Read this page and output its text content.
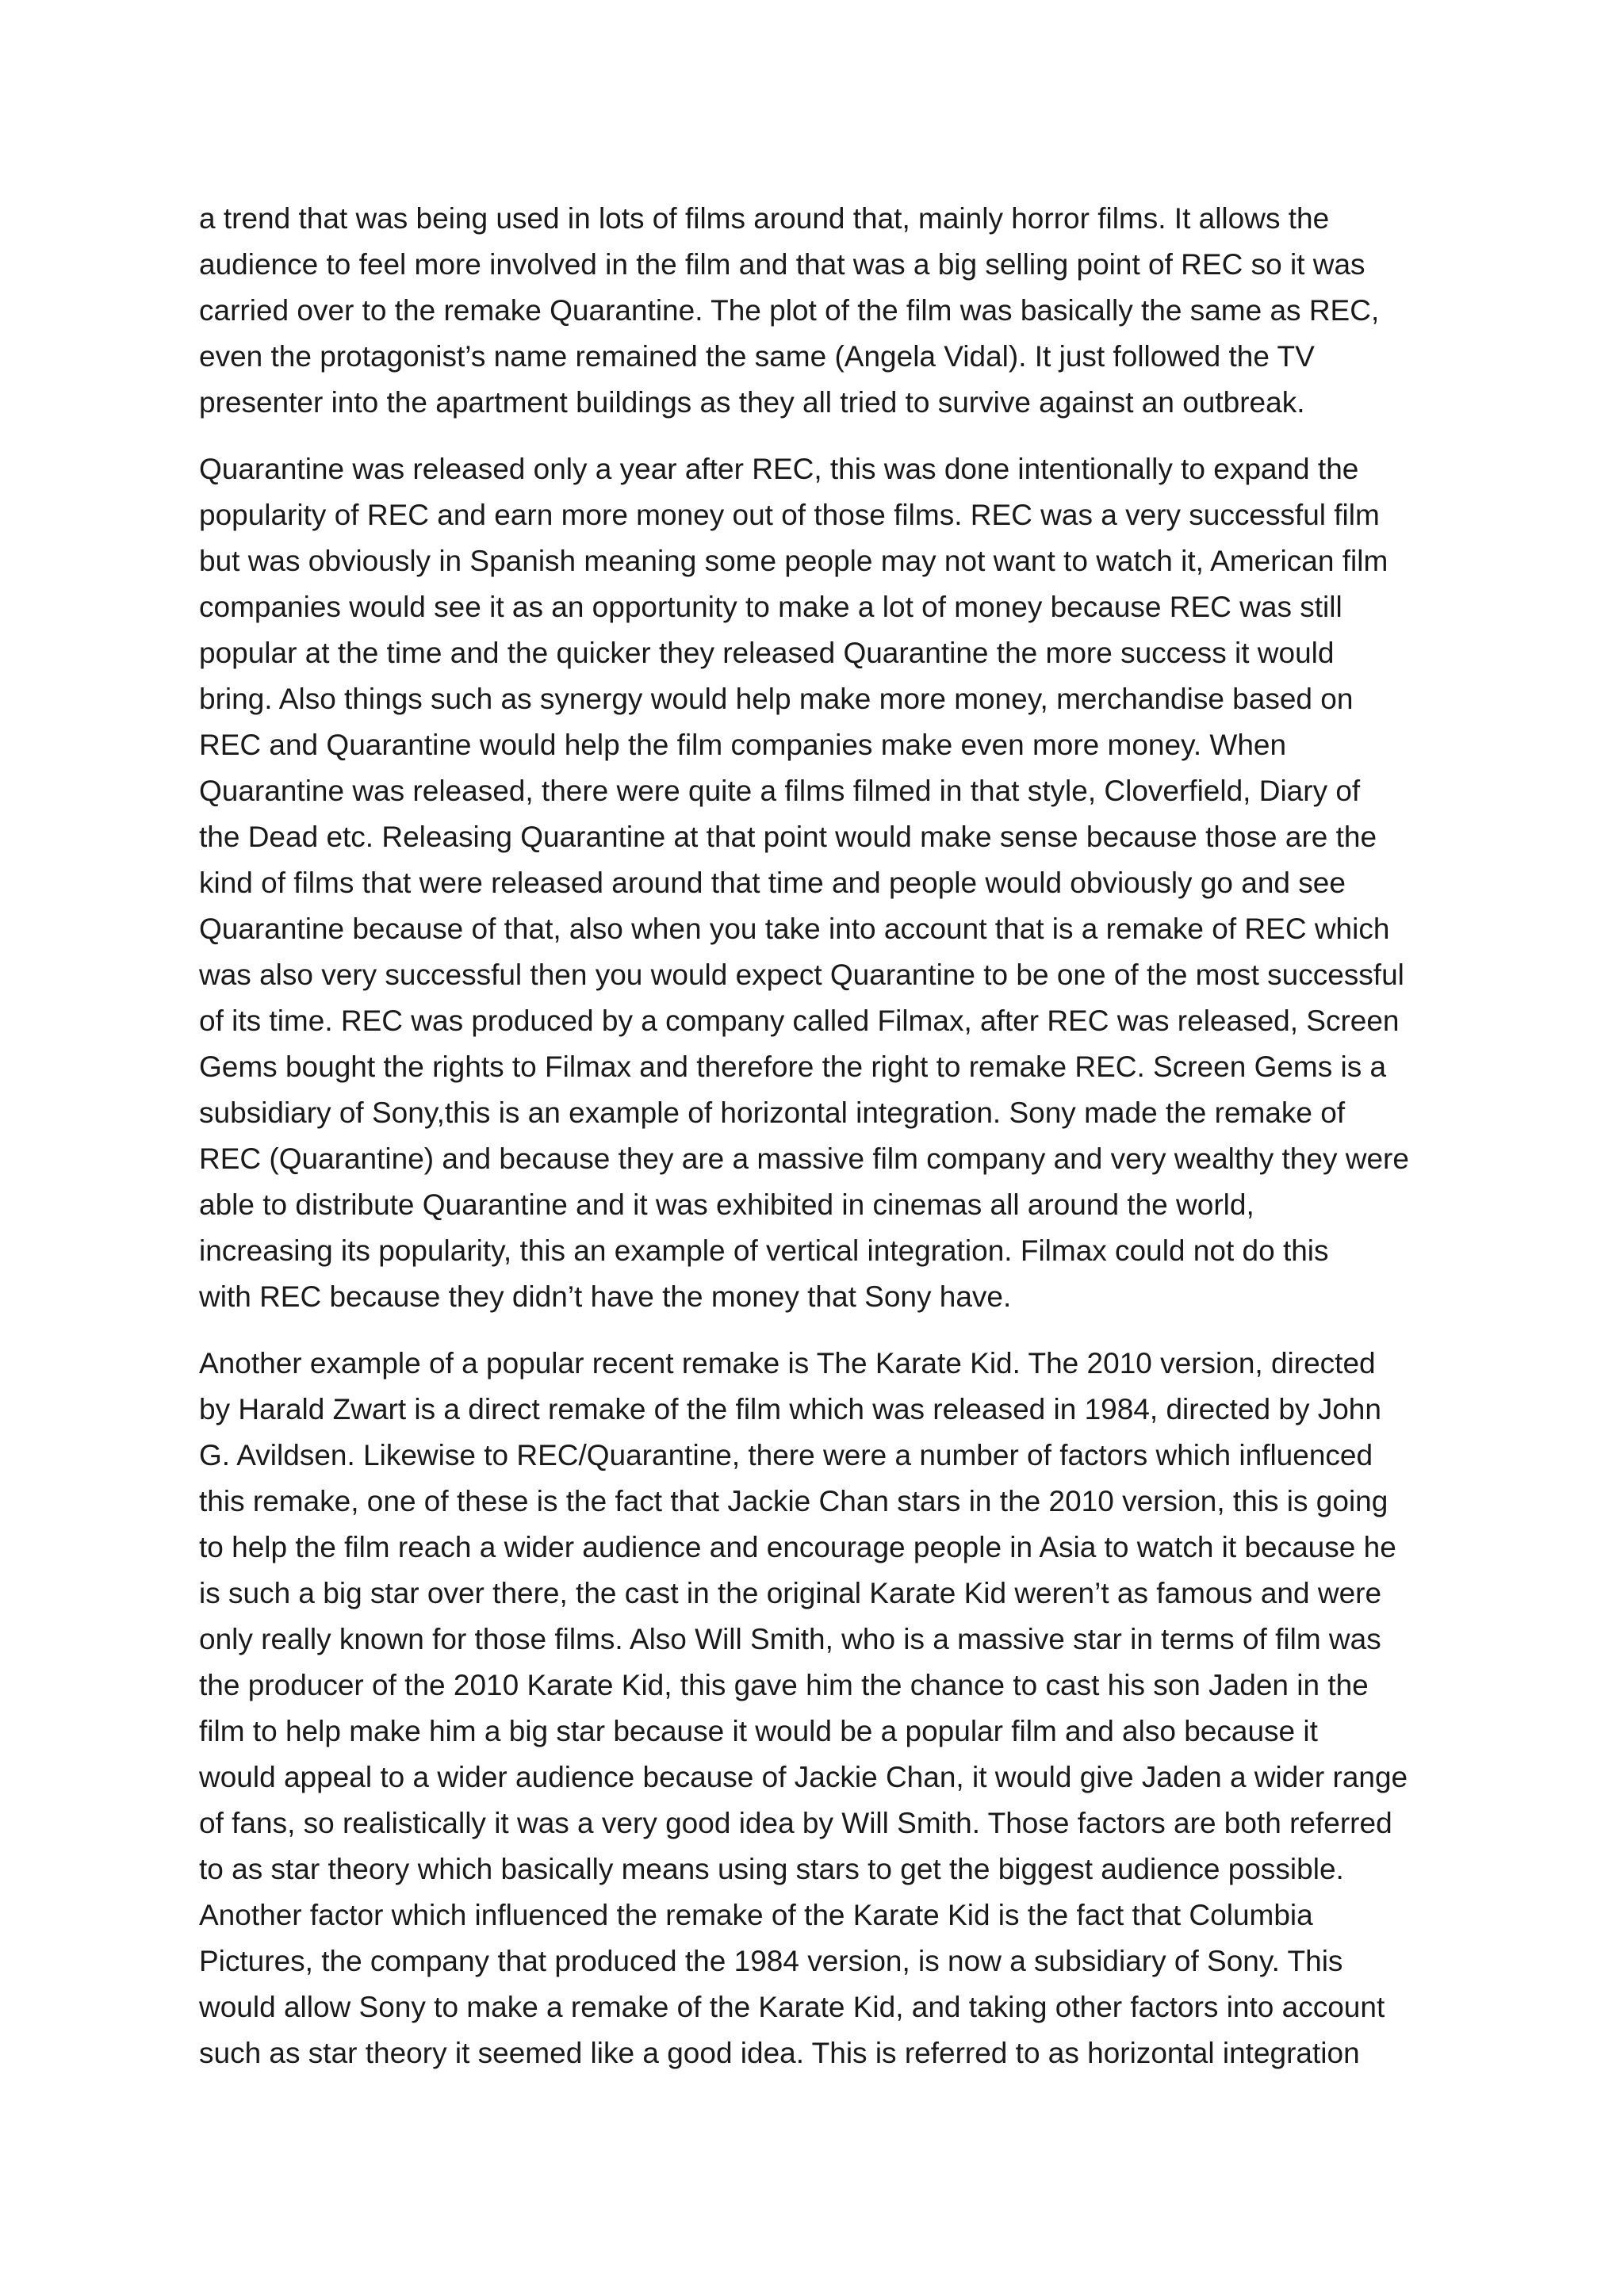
a trend that was being used in lots of films around that, mainly horror films. It allows the
audience to feel more involved in the film and that was a big selling point of REC so it was
carried over to the remake Quarantine. The plot of the film was basically the same as REC,
even the protagonist’s name remained the same (Angela Vidal). It just followed the TV
presenter into the apartment buildings as they all tried to survive against an outbreak.
Quarantine was released only a year after REC, this was done intentionally to expand the
popularity of REC and earn more money out of those films. REC was a very successful film
but was obviously in Spanish meaning some people may not want to watch it, American film
companies would see it as an opportunity to make a lot of money because REC was still
popular at the time and the quicker they released Quarantine the more success it would
bring. Also things such as synergy would help make more money, merchandise based on
REC and Quarantine would help the film companies make even more money. When
Quarantine was released, there were quite a films filmed in that style, Cloverfield, Diary of
the Dead etc. Releasing Quarantine at that point would make sense because those are the
kind of films that were released around that time and people would obviously go and see
Quarantine because of that, also when you take into account that is a remake of REC which
was also very successful then you would expect Quarantine to be one of the most successful
of its time. REC was produced by a company called Filmax, after REC was released, Screen
Gems bought the rights to Filmax and therefore the right to remake REC. Screen Gems is a
subsidiary of Sony,this is an example of horizontal integration. Sony made the remake of
REC (Quarantine) and because they are a massive film company and very wealthy they were
able to distribute Quarantine and it was exhibited in cinemas all around the world,
increasing its popularity, this an example of vertical integration. Filmax could not do this
with REC because they didn’t have the money that Sony have.
Another example of a popular recent remake is The Karate Kid. The 2010 version, directed
by Harald Zwart is a direct remake of the film which was released in 1984, directed by John
G. Avildsen. Likewise to REC/Quarantine, there were a number of factors which influenced
this remake, one of these is the fact that Jackie Chan stars in the 2010 version, this is going
to help the film reach a wider audience and encourage people in Asia to watch it because he
is such a big star over there, the cast in the original Karate Kid weren’t as famous and were
only really known for those films. Also Will Smith, who is a massive star in terms of film was
the producer of the 2010 Karate Kid, this gave him the chance to cast his son Jaden in the
film to help make him a big star because it would be a popular film and also because it
would appeal to a wider audience because of Jackie Chan, it would give Jaden a wider range
of fans, so realistically it was a very good idea by Will Smith. Those factors are both referred
to as star theory which basically means using stars to get the biggest audience possible.
Another factor which influenced the remake of the Karate Kid is the fact that Columbia
Pictures, the company that produced the 1984 version, is now a subsidiary of Sony. This
would allow Sony to make a remake of the Karate Kid, and taking other factors into account
such as star theory it seemed like a good idea. This is referred to as horizontal integration
